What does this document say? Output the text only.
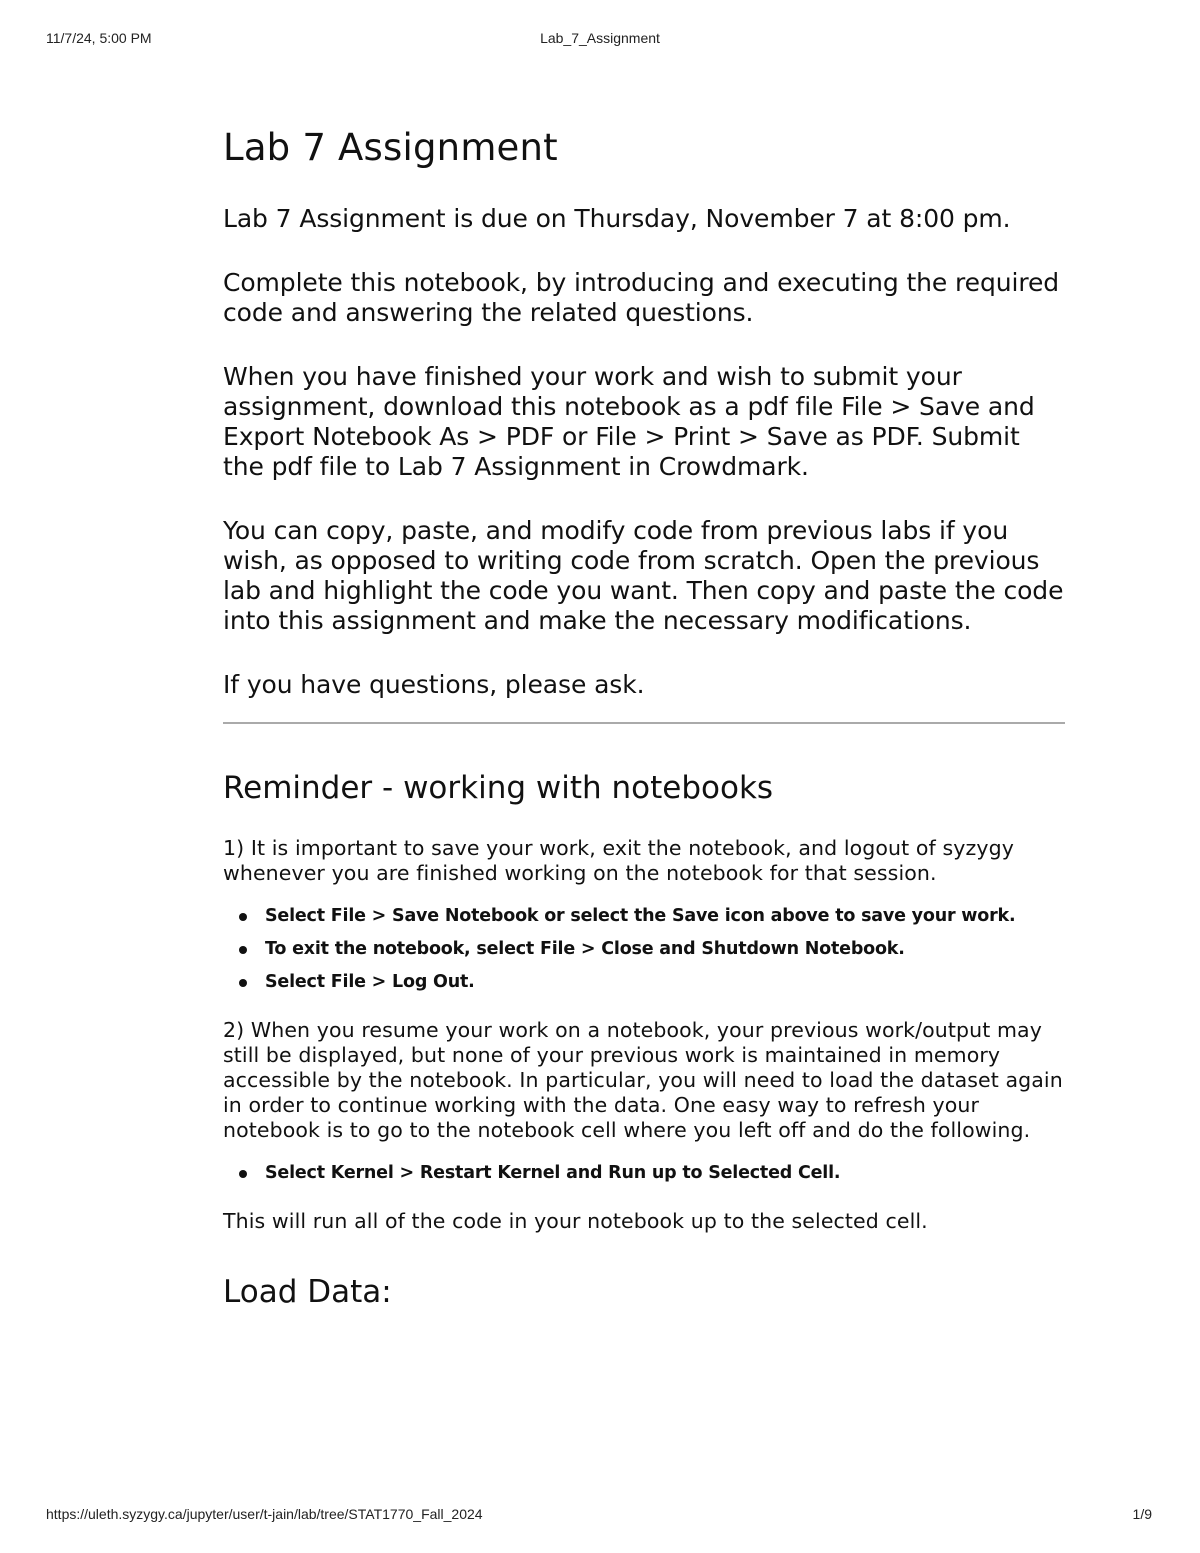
Lab_7_Assignment
11/7/24, 5:00 PM
Lab 7 Assignment

Lab 7 Assignment is due on Thursday, November 7 at 8:00 pm.

Complete this notebook, by introducing and executing the required code and answering the related questions.

When you have finished your work and wish to submit your assignment, download this notebook as a pdf file File > Save and Export Notebook As > PDF or File > Print > Save as PDF. Submit the pdf file to Lab 7 Assignment in Crowdmark.

You can copy, paste, and modify code from previous labs if you wish, as opposed to writing code from scratch. Open the previous lab and highlight the code you want. Then copy and paste the code into this assignment and make the necessary modifications.

If you have questions, please ask.

Reminder - working with notebooks

1) It is important to save your work, exit the notebook, and logout of syzygy whenever you are finished working on the notebook for that session.

Select File > Save Notebook or select the Save icon above to save your work.
To exit the notebook, select File > Close and Shutdown Notebook.
Select File > Log Out.

2) When you resume your work on a notebook, your previous work/output may still be displayed, but none of your previous work is maintained in memory accessible by the notebook. In particular, you will need to load the dataset again in order to continue working with the data. One easy way to refresh your notebook is to go to the notebook cell where you left off and do the following.

Select Kernel > Restart Kernel and Run up to Selected Cell.

This will run all of the code in your notebook up to the selected cell.

Load Data:
https://uleth.syzygy.ca/jupyter/user/t-jain/lab/tree/STAT1770_Fall_2024	1/9
